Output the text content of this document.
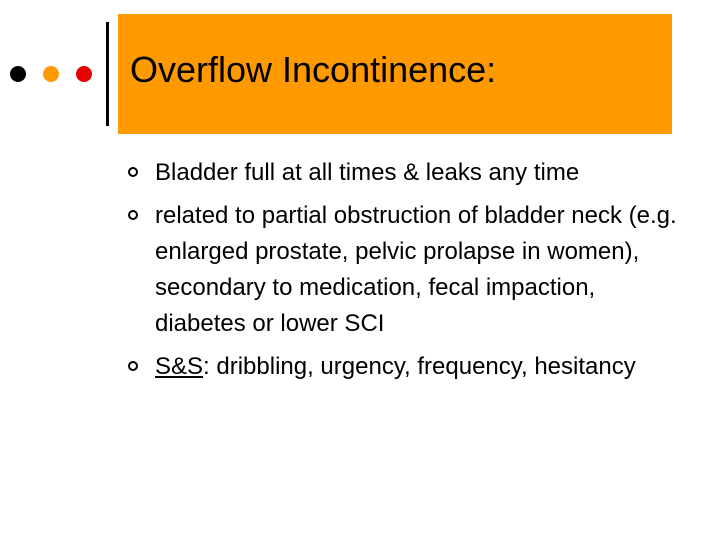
Overflow Incontinence:
Bladder full at all times & leaks any time
related to partial obstruction of bladder neck (e.g. enlarged prostate, pelvic prolapse in women), secondary to medication, fecal impaction, diabetes or lower SCI
S&S: dribbling, urgency, frequency, hesitancy
